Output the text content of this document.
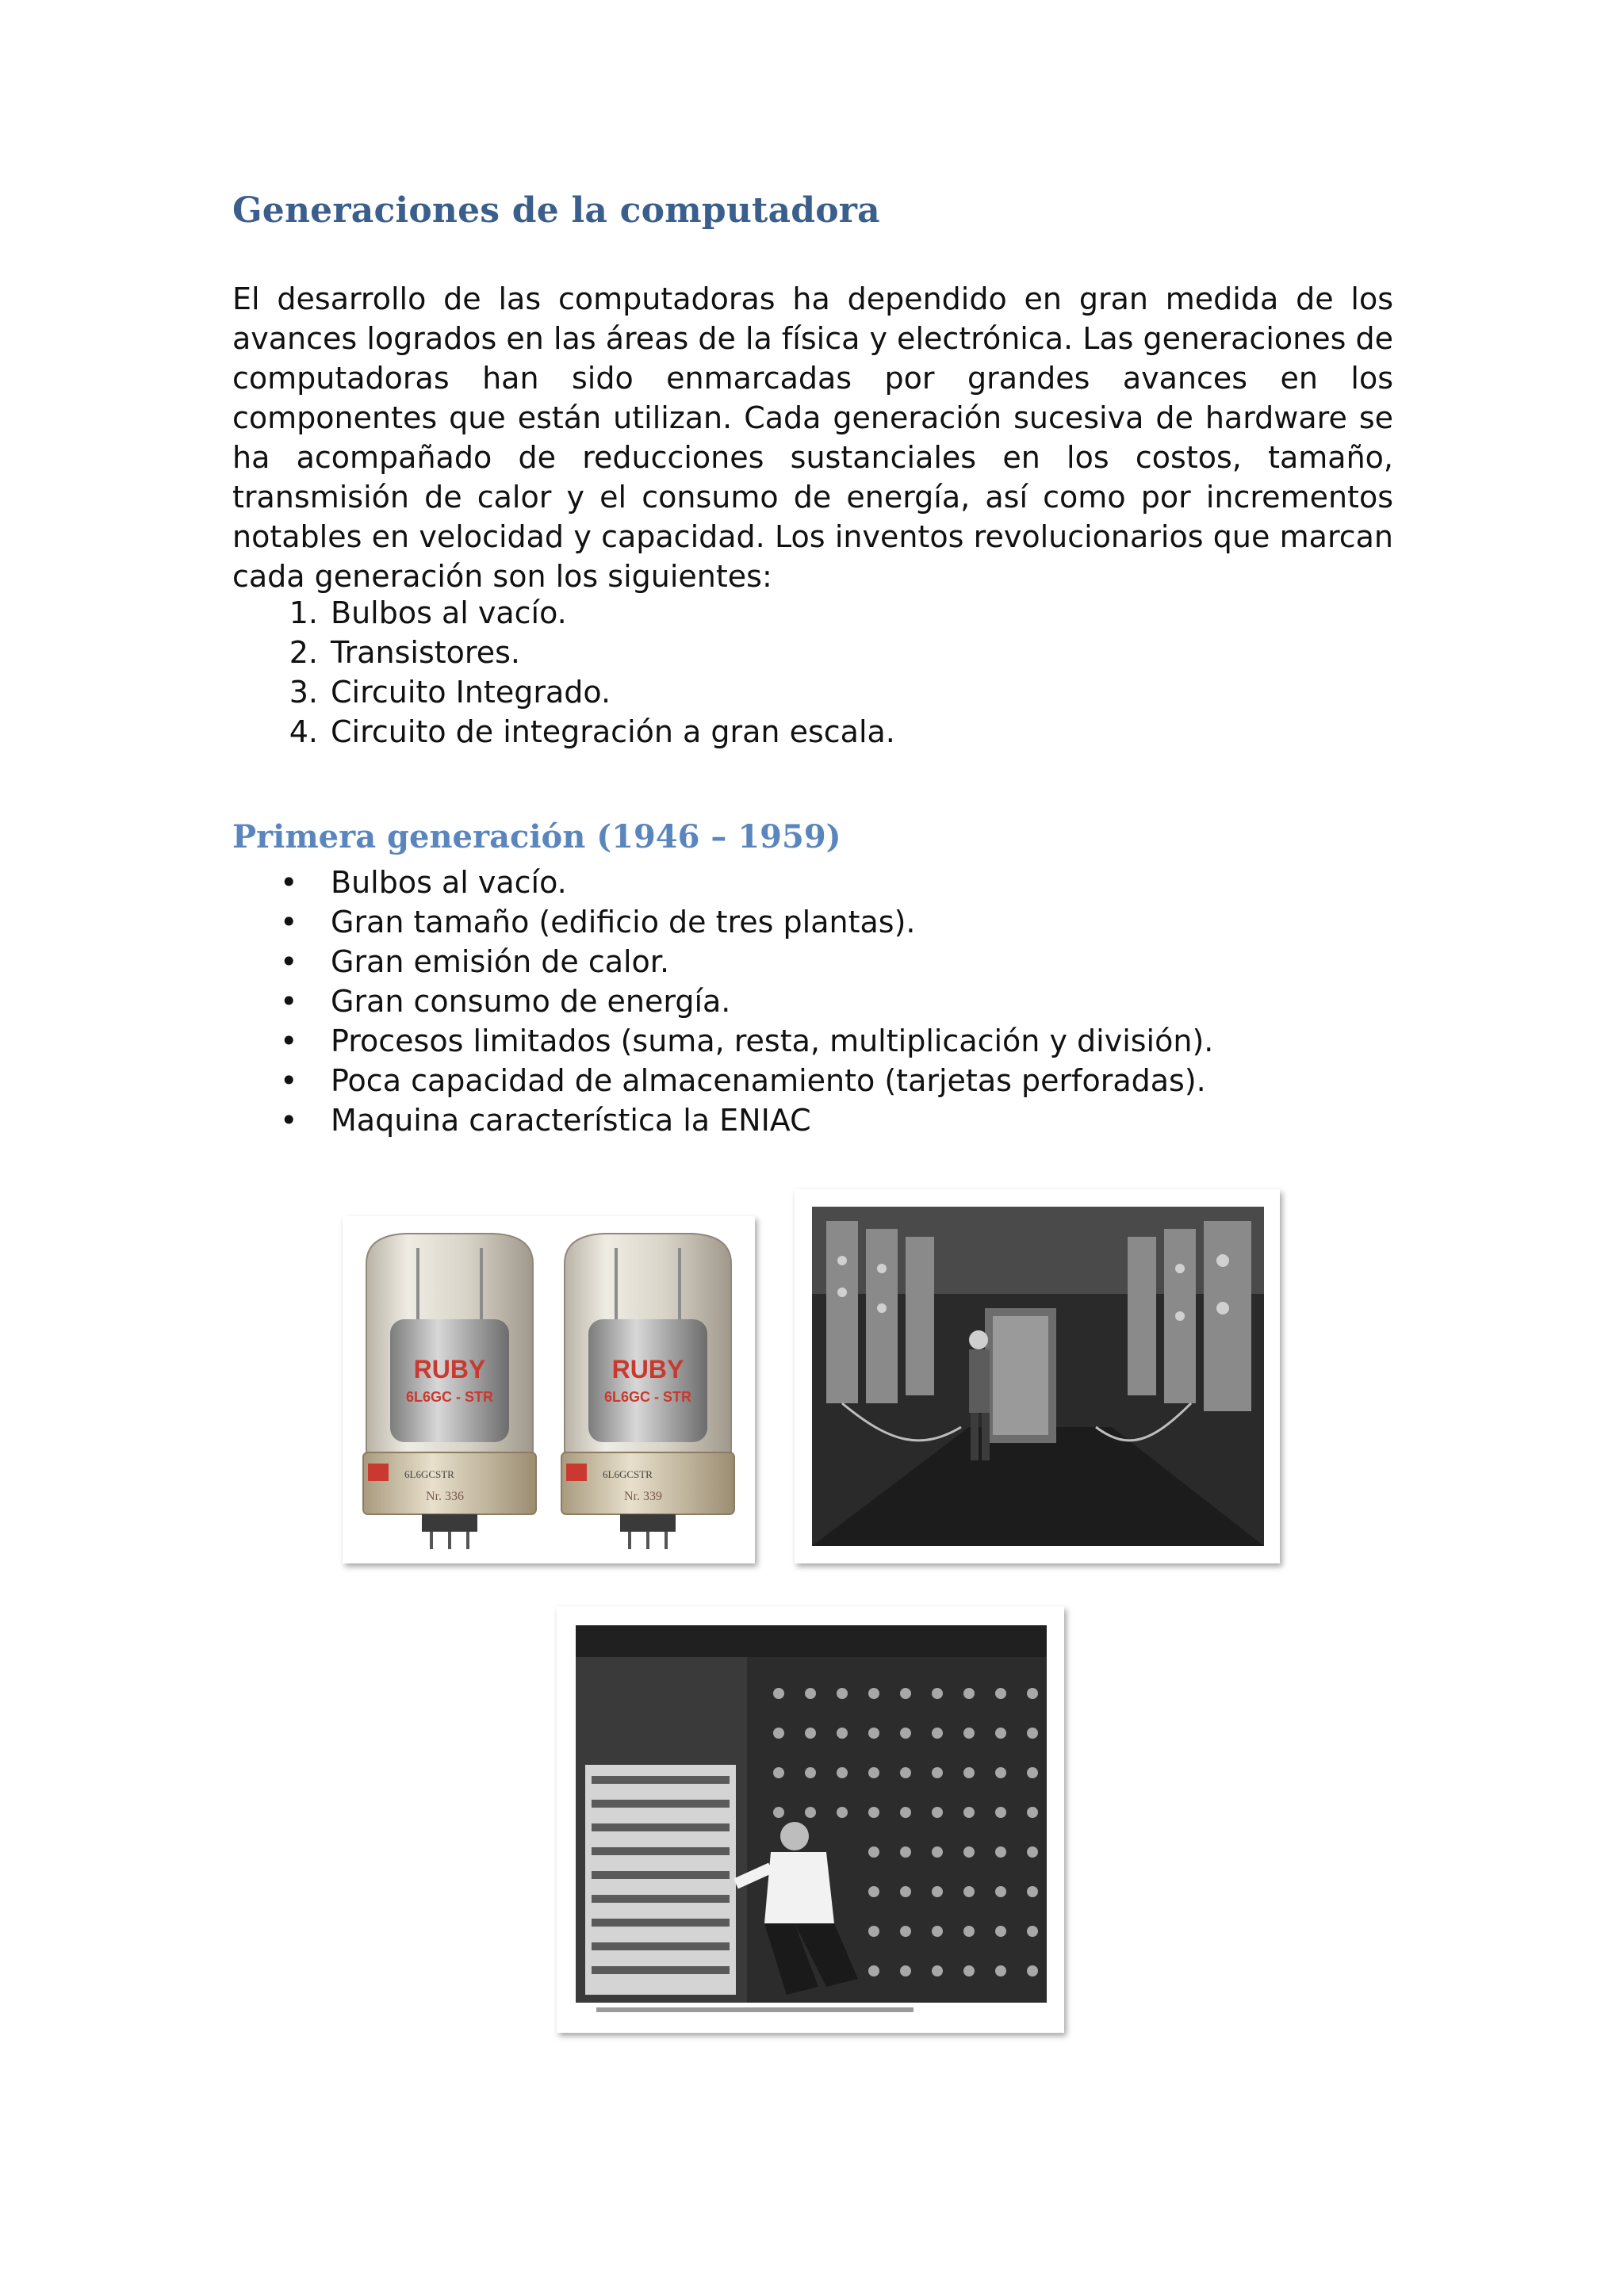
Generaciones de la computadora

El desarrollo de las computadoras ha dependido en gran medida de los avances logrados en las áreas de la física y electrónica. Las generaciones de computadoras han sido enmarcadas por grandes avances en los componentes que están utilizan. Cada generación sucesiva de hardware se ha acompañado de reducciones sustanciales en los costos, tamaño, transmisión de calor y el consumo de energía, así como por incrementos notables en velocidad y capacidad. Los inventos revolucionarios que marcan cada generación son los siguientes:

1. Bulbos al vacío.
2. Transistores.
3. Circuito Integrado.
4. Circuito de integración a gran escala.
Primera generación (1946 – 1959)
•	Bulbos al vacío.
•	Gran tamaño (edificio de tres plantas).
•	Gran emisión de calor.
•	Gran consumo de energía.
•	Procesos limitados (suma, resta, multiplicación y división).
•	Poca capacidad de almacenamiento (tarjetas perforadas).
•	Maquina característica la ENIAC
RUBY
6L6GC - STR
6L6GCSTR
Nr. 336
RUBY
6L6GC - STR
6L6GCSTR
Nr. 339
